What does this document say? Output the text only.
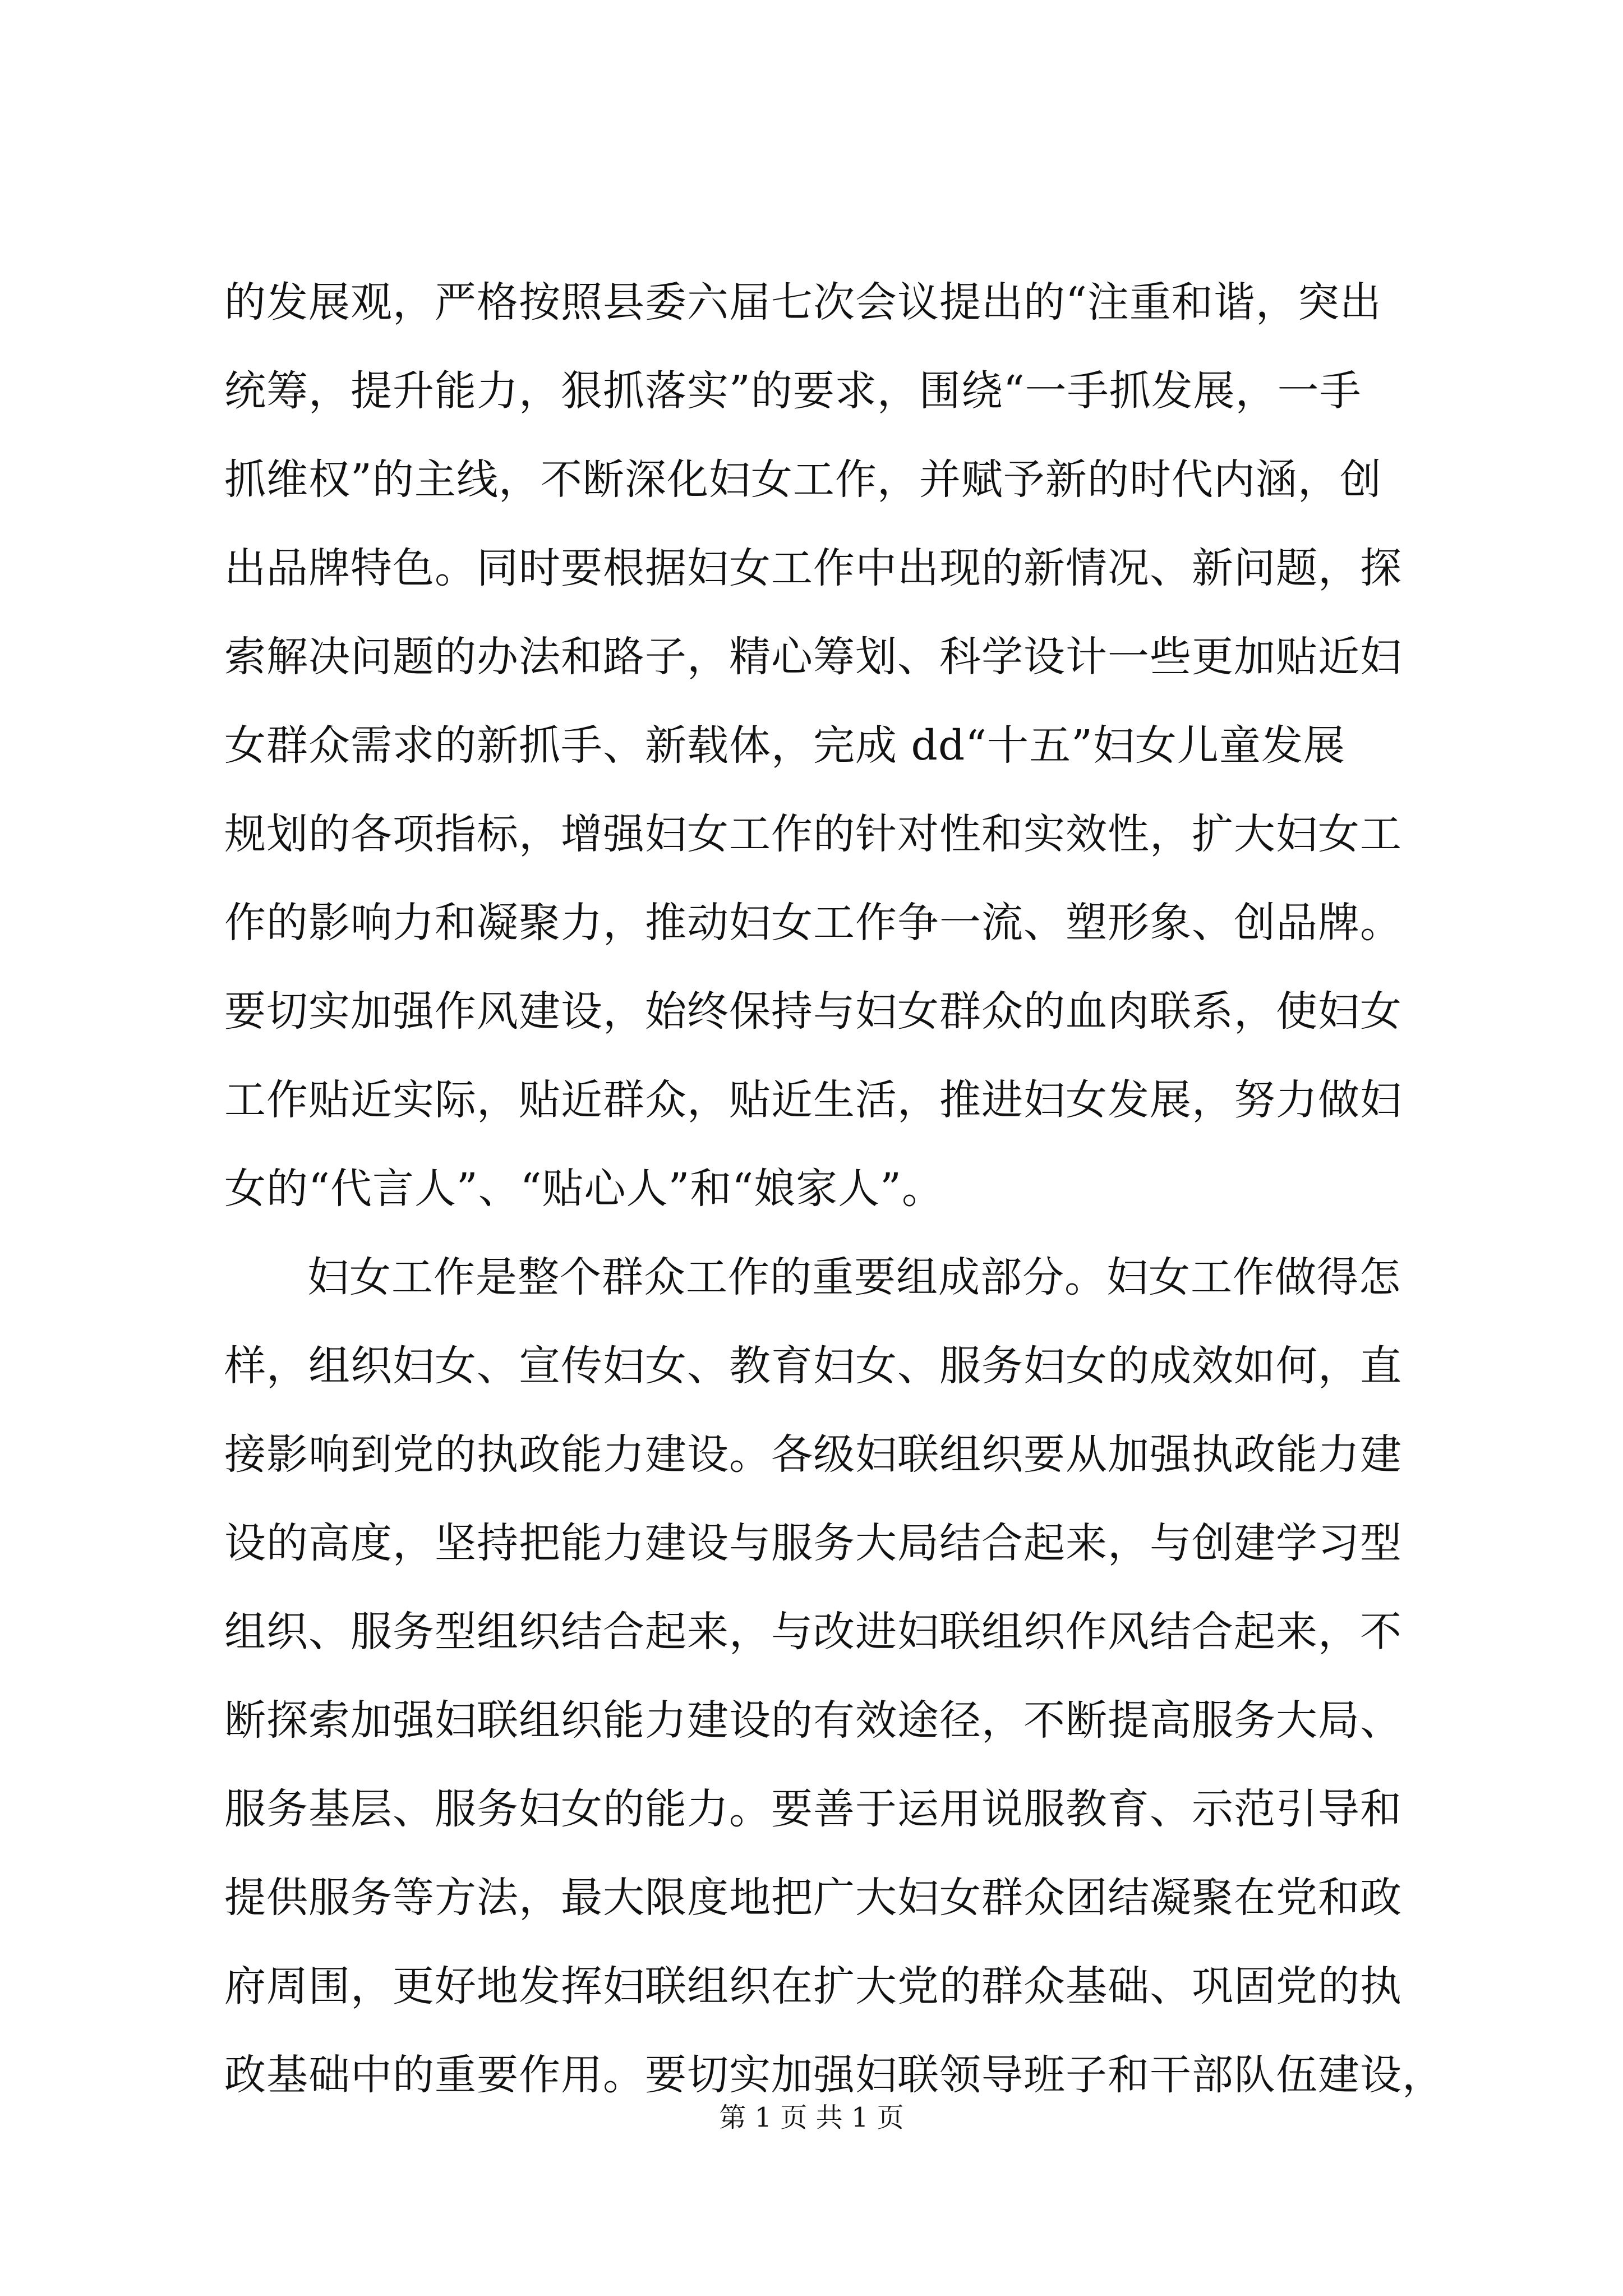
的发展观，严格按照县委六届七次会议提出的“注重和谐，突出
统筹，提升能力，狠抓落实”的要求，围绕“一手抓发展，一手
抓维权”的主线，不断深化妇女工作，并赋予新的时代内涵，创
出品牌特色。同时要根据妇女工作中出现的新情况、新问题，探
索解决问题的办法和路子，精心筹划、科学设计一些更加贴近妇
女群众需求的新抓手、新载体，完成 dd“十五”妇女儿童发展
规划的各项指标，增强妇女工作的针对性和实效性，扩大妇女工
作的影响力和凝聚力，推动妇女工作争一流、塑形象、创品牌。
要切实加强作风建设，始终保持与妇女群众的血肉联系，使妇女
工作贴近实际，贴近群众，贴近生活，推进妇女发展，努力做妇
女的“代言人”、“贴心人”和“娘家人”。
妇女工作是整个群众工作的重要组成部分。妇女工作做得怎
样，组织妇女、宣传妇女、教育妇女、服务妇女的成效如何，直
接影响到党的执政能力建设。各级妇联组织要从加强执政能力建
设的高度，坚持把能力建设与服务大局结合起来，与创建学习型
组织、服务型组织结合起来，与改进妇联组织作风结合起来，不
断探索加强妇联组织能力建设的有效途径，不断提高服务大局、
服务基层、服务妇女的能力。要善于运用说服教育、示范引导和
提供服务等方法，最大限度地把广大妇女群众团结凝聚在党和政
府周围，更好地发挥妇联组织在扩大党的群众基础、巩固党的执
政基础中的重要作用。要切实加强妇联领导班子和干部队伍建设，
第 1 页 共 1 页
